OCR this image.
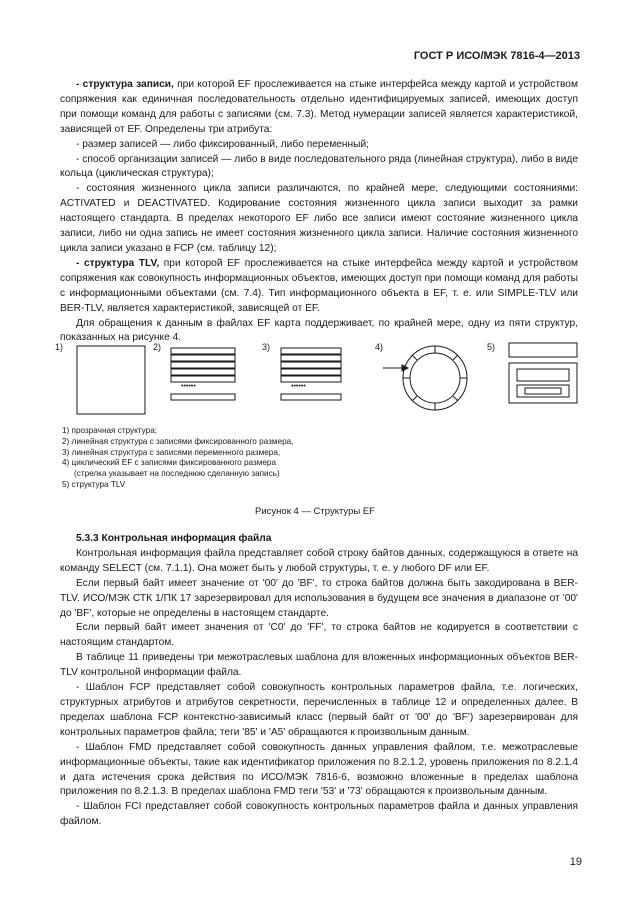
ГОСТ Р ИСО/МЭК 7816-4—2013

- структура записи, при которой EF прослеживается на стыке интерфейса между картой и устройством сопряжения как единичная последовательность отдельно идентифицируемых записей, имеющих доступ при помощи команд для работы с записями (см. 7.3). Метод нумерации записей является характеристикой, зависящей от EF. Определены три атрибута:

- размер записей — либо фиксированный, либо переменный;

- способ организации записей — либо в виде последовательного ряда (линейная структура), либо в виде кольца (циклическая структура);

- состояния жизненного цикла записи различаются, по крайней мере, следующими состояниями: ACTIVATED и DEACTIVATED. Кодирование состояния жизненного цикла записи выходит за рамки настоящего стандарта. В пределах некоторого EF либо все записи имеют состояние жизненного цикла записи, либо ни одна запись не имеет состояния жизненного цикла записи. Наличие состояния жизненного цикла записи указано в FCP (см. таблицу 12);

- структура TLV, при которой EF прослеживается на стыке интерфейса между картой и устройством сопряжения как совокупность информационных объектов, имеющих доступ при помощи команд для работы с информационными объектами (см. 7.4). Тип информационного объекта в EF, т. е. или SIMPLE-TLV или BER-TLV, является характеристикой, зависящей от EF.

Для обращения к данным в файлах EF карта поддерживает, по крайней мере, одну из пяти структур, показанных на рисунке 4.

1)	2)
••••••
3)
••••••
4)	5)
1) прозрачная структура;
2) линейная структура с записями фиксированного размера,
3) линейная структура с записями переменного размера,
4) циклический EF с записями фиксированного размера
(стрелка указывает на последнюю сделанную запись)
5) структура TLV
Рисунок 4 — Структуры EF
5.3.3 Контрольная информация файла

Контрольная информация файла представляет собой строку байтов данных, содержащуюся в ответе на команду SELECT (см. 7.1.1). Она может быть у любой структуры, т. е. у любого DF или EF.

Если первый байт имеет значение от '00' до 'BF', то строка байтов должна быть закодирована в BER-TLV. ИСО/МЭК СТК 1/ПК 17 зарезервировал для использования в будущем все значения в диапазоне от '00' до 'BF', которые не определены в настоящем стандарте.

Если первый байт имеет значения от 'C0' до 'FF', то строка байтов не кодируется в соответствии с настоящим стандартом.

В таблице 11 приведены три межотраслевых шаблона для вложенных информационных объектов BER-TLV контрольной информации файла.

- Шаблон FCP представляет собой совокупность контрольных параметров файла, т.е. логических, структурных атрибутов и атрибутов секретности, перечисленных в таблице 12 и определенных далее. В пределах шаблона FCP контекстно-зависимый класс (первый байт от '00' до 'BF') зарезервирован для контрольных параметров файла; теги '85' и 'A5' обращаются к произвольным данным.

- Шаблон FMD представляет собой совокупность данных управления файлом, т.е. межотраслевые информационные объекты, такие как идентификатор приложения по 8.2.1.2, уровень приложения по 8.2.1.4 и дата истечения срока действия по ИСО/МЭК 7816-6, возможно вложенные в пределах шаблона приложения по 8.2.1.3. В пределах шаблона FMD теги '53' и '73' обращаются к произвольным данным.

- Шаблон FCI представляет собой совокупность контрольных параметров файла и данных управления файлом.

19
